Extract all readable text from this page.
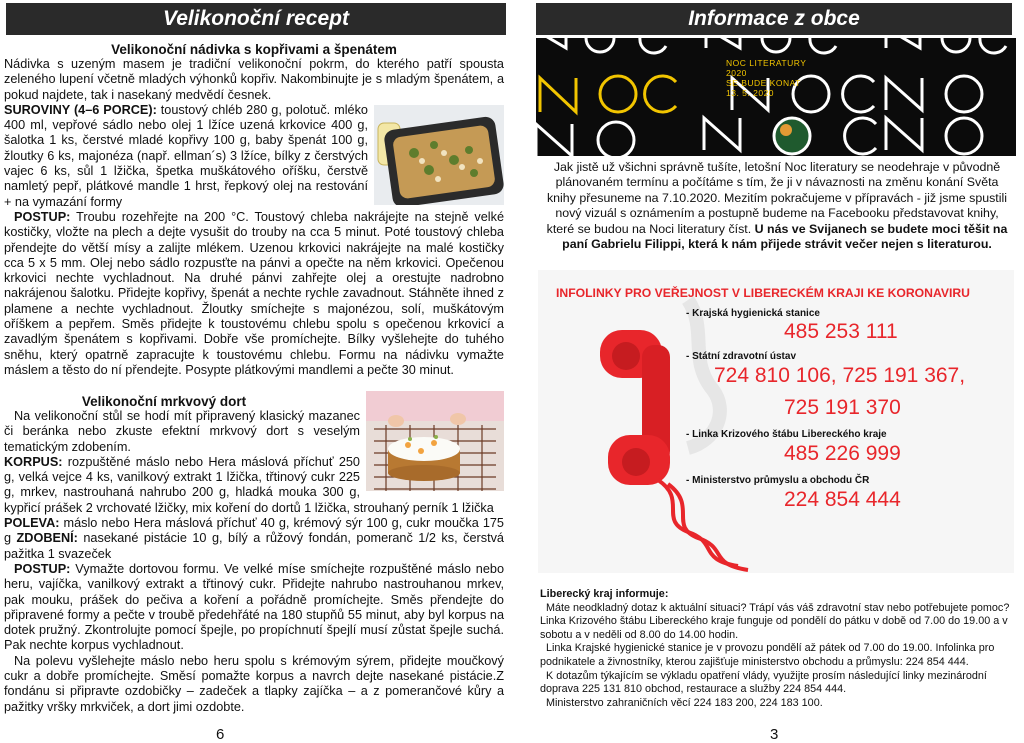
Velikonoční recept
Velikonoční nádivka s kopřivami a špenátem

Nádivka s uzeným masem je tradiční velikonoční pokrm, do kterého patří spousta zeleného lupení včetně mladých výhonků kopřiv. Nakombinujte je s mladým špenátem, a pokud najdete, tak i nasekaný medvědí česnek.

SUROVINY (4–6 PORCE): toustový chléb 280 g, polotuč. mléko 400 ml, vepřové sádlo nebo olej 1 lžíce uzená krkovice 400 g, šalotka 1 ks, čerstvé mladé kopřivy 100 g, baby špenát 100 g, žloutky 6 ks, majonéza (např. ellman´s) 3 lžíce, bílky z čerstvých vajec 6 ks, sůl 1 lžička, špetka muškátového oříšku, čerstvě namletý pepř, plátkové mandle 1 hrst, řepkový olej na restování + na vymazání formy

POSTUP: Troubu rozehřejte na 200 °C. Toustový chleba nakrájejte na stejně velké kostičky, vložte na plech a dejte vysušit do trouby na cca 5 minut. Poté toustový chleba přendejte do větší mísy a zalijte mlékem. Uzenou krkovici nakrájejte na malé kostičky cca 5 x 5 mm. Olej nebo sádlo rozpusťte na pánvi a opečte na něm krkovici. Opečenou krkovici nechte vychladnout. Na druhé pánvi zahřejte olej a orestujte nadrobno nakrájenou šalotku. Přidejte kopřivy, špenát a nechte rychle zavadnout. Stáhněte ihned z plamene a nechte vychladnout. Žloutky smíchejte s majonézou, solí, muškátovým oříškem a pepřem. Směs přidejte k toustovému chlebu spolu s opečenou krkovicí a zavadlým špenátem s kopřivami. Dobře vše promíchejte. Bílky vyšlehejte do tuhého sněhu, který opatrně zapracujte k toustovému chlebu. Formu na nádivku vymažte máslem a těsto do ní přendejte. Posypte plátkovými mandlemi a pečte 30 minut.

Velikonoční mrkvový dort

Na velikonoční stůl se hodí mít připravený klasický mazanec či beránka nebo zkuste efektní mrkvový dort s veselým tematickým zdobením.

KORPUS: rozpuštěné máslo nebo Hera máslová příchuť 250 g, velká vejce 4 ks, vanilkový extrakt 1 lžička, třtinový cukr 225 g, mrkev, nastrouhaná nahrubo 200 g, hladká mouka 300 g, kypřicí prášek 2 vrchovaté lžičky, mix koření do dortů 1 lžička, strouhaný perník 1 lžička

POLEVA: máslo nebo Hera máslová příchuť 40 g, krémový sýr 100 g, cukr moučka 175 g ZDOBENÍ: nasekané pistácie 10 g, bílý a růžový fondán, pomeranč 1/2 ks, čerstvá pažitka 1 svazeček

POSTUP: Vymažte dortovou formu. Ve velké míse smíchejte rozpuštěné máslo nebo heru, vajíčka, vanilkový extrakt a třtinový cukr. Přidejte nahrubo nastrouhanou mrkev, pak mouku, prášek do pečiva a koření a pořádně promíchejte. Směs přendejte do připravené formy a pečte v troubě předehřáté na 180 stupňů 55 minut, aby byl korpus na dotek pružný. Zkontrolujte pomocí špejle, po propíchnutí špejlí musí zůstat špejle suchá. Pak nechte korpus vychladnout.

Na polevu vyšlehejte máslo nebo heru spolu s krémovým sýrem, přidejte moučkový cukr a dobře promíchejte. Směsí pomažte korpus a navrch dejte nasekané pistácie.Z fondánu si připravte ozdobičky – zadeček a tlapky zajíčka – a z pomerančové kůry a pažitky vršky mrkviček, a dort jimi ozdobte.

6
Informace z obce
NOC LITERATURY
2020
SE BUDE KONAT
13. 5. 2020
Jak jistě už všichni správně tušíte, letošní Noc literatury se neodehraje v původně plánovaném termínu a počítáme s tím, že ji v návaznosti na změnu konání Světa knihy přesuneme na 7.10.2020. Mezitím pokračujeme v přípravách - již jsme spustili nový vizuál s oznámením a postupně budeme na Facebooku představovat knihy, které se budou na Noci literatury číst. U nás ve Svijanech se budete moci těšit na paní Gabrielu Filippi, která k nám přijede strávit večer nejen s literaturou.
INFOLINKY PRO VEŘEJNOST V LIBERECKÉM KRAJI KE KORONAVIRU
- Krajská hygienická stanice
485 253 111
- Státní zdravotní ústav
724 810 106, 725 191 367,
725 191 370
- Linka Krizového štábu Libereckého kraje
485 226 999
- Ministerstvo průmyslu a obchodu ČR
224 854 444

Liberecký kraj informuje:

Máte neodkladný dotaz k aktuální situaci? Trápí vás váš zdravotní stav nebo potřebujete pomoc? Linka Krizového štábu Libereckého kraje funguje od pondělí do pátku v době od 7.00 do 19.00 a v sobotu a v neděli od 8.00 do 14.00 hodin.

Linka Krajské hygienické stanice je v provozu pondělí až pátek od 7.00 do 19.00. Infolinka pro podnikatele a živnostníky, kterou zajišťuje ministerstvo obchodu a průmyslu: 224 854 444.

K dotazům týkajícím se výkladu opatření vlády, využijte prosím následující linky mezinárodní doprava 225 131 810 obchod, restaurace a služby 224 854 444.

Ministerstvo zahraničních věcí 224 183 200, 224 183 100.

3
